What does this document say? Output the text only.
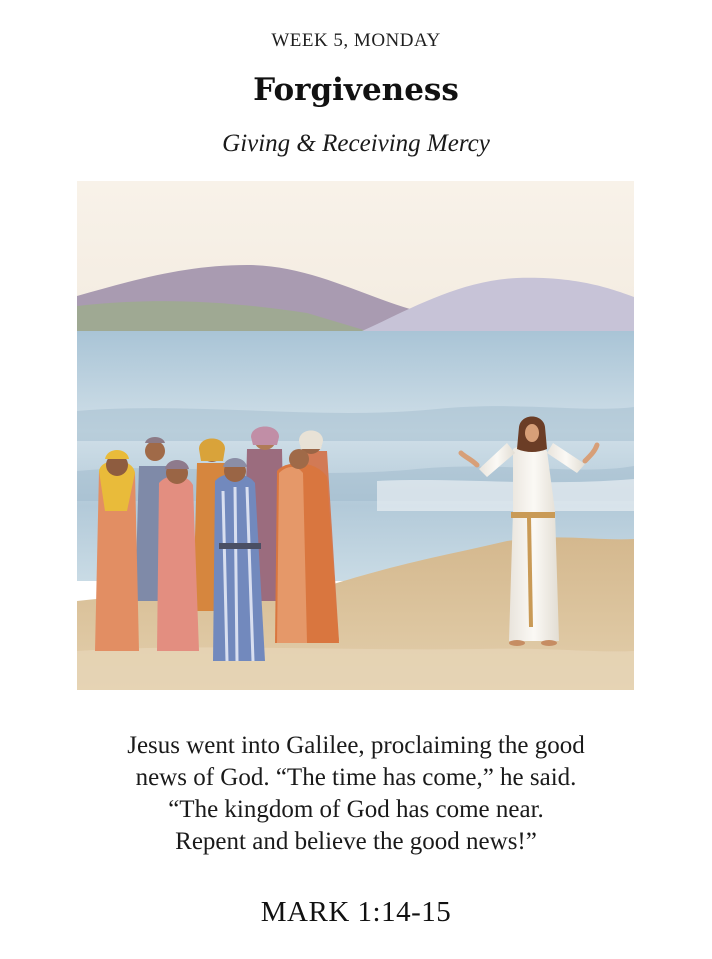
WEEK 5, MONDAY
Forgiveness
Giving & Receiving Mercy
Jesus went into Galilee, proclaiming the good
news of God. “The time has come,” he said.
“The kingdom of God has come near.
Repent and believe the good news!”
MARK 1:14-15
